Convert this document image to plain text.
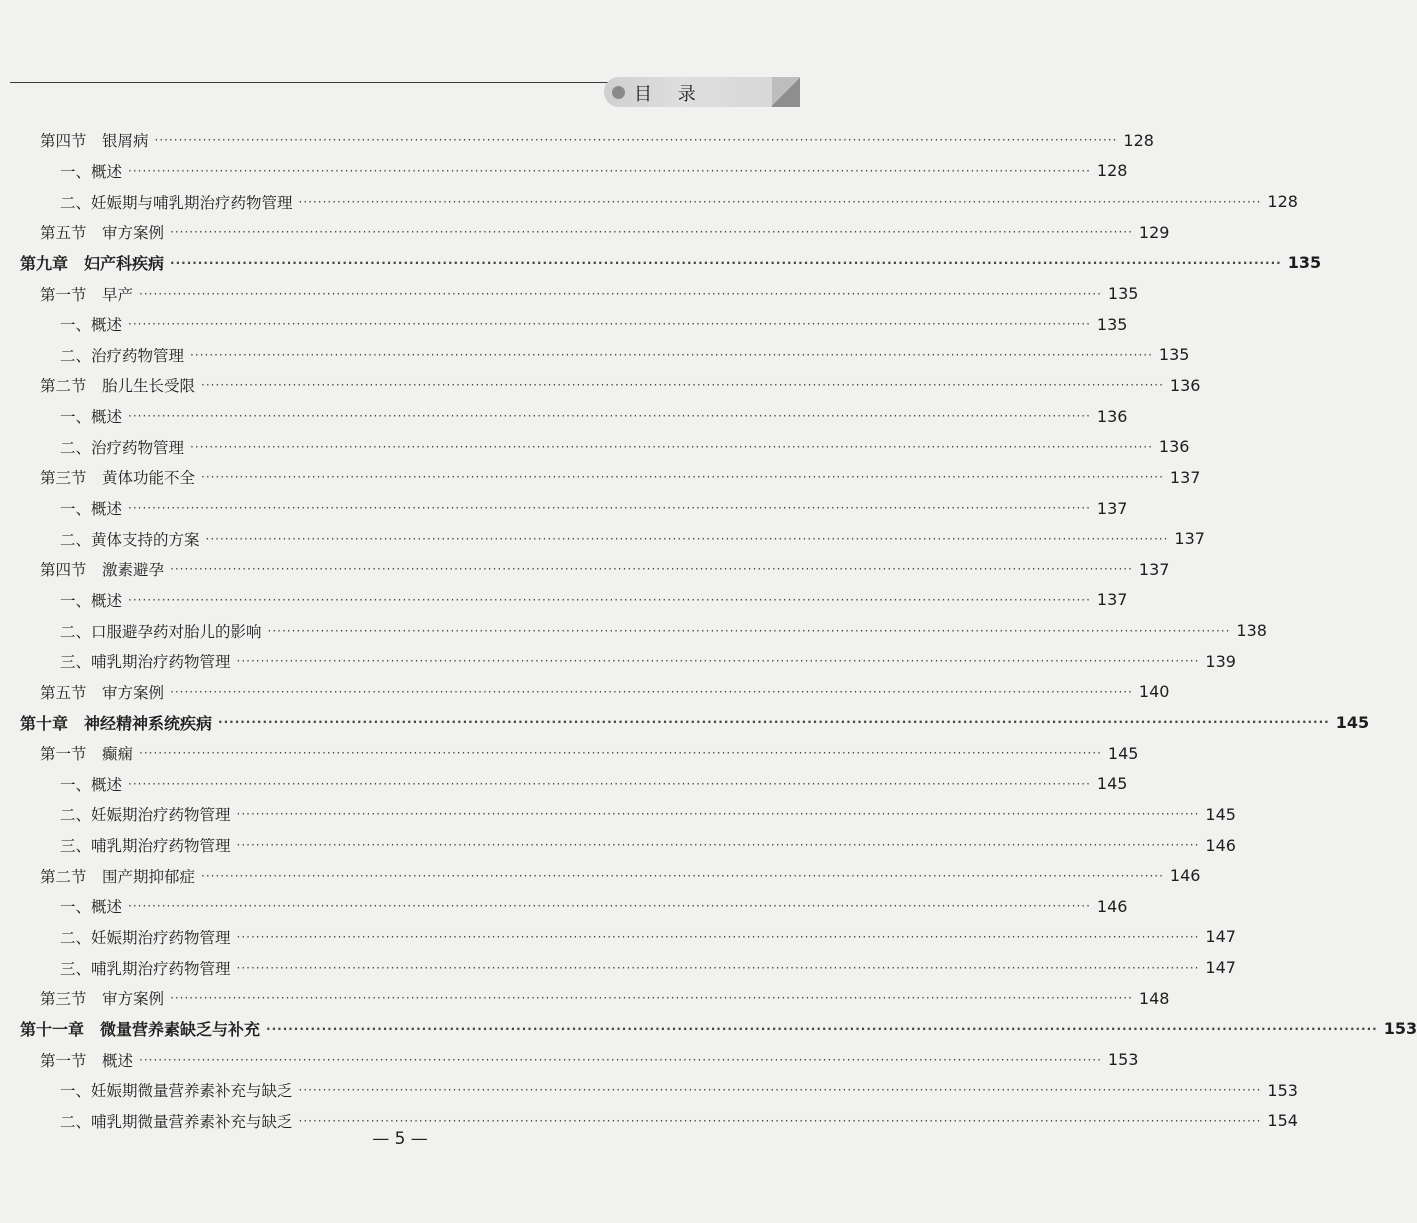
目 录
第四节　银屑病 ········································································································································································································ 128
一、概述 ········································································································································································································ 128
二、妊娠期与哺乳期治疗药物管理 ········································································································································································································ 128
第五节　审方案例 ········································································································································································································ 129
第九章　妇产科疾病 ········································································································································································································ 135
第一节　早产 ········································································································································································································ 135
一、概述 ········································································································································································································ 135
二、治疗药物管理 ········································································································································································································ 135
第二节　胎儿生长受限 ········································································································································································································ 136
一、概述 ········································································································································································································ 136
二、治疗药物管理 ········································································································································································································ 136
第三节　黄体功能不全 ········································································································································································································ 137
一、概述 ········································································································································································································ 137
二、黄体支持的方案 ········································································································································································································ 137
第四节　激素避孕 ········································································································································································································ 137
一、概述 ········································································································································································································ 137
二、口服避孕药对胎儿的影响 ········································································································································································································ 138
三、哺乳期治疗药物管理 ········································································································································································································ 139
第五节　审方案例 ········································································································································································································ 140
第十章　神经精神系统疾病 ········································································································································································································ 145
第一节　癫痫 ········································································································································································································ 145
一、概述 ········································································································································································································ 145
二、妊娠期治疗药物管理 ········································································································································································································ 145
三、哺乳期治疗药物管理 ········································································································································································································ 146
第二节　围产期抑郁症 ········································································································································································································ 146
一、概述 ········································································································································································································ 146
二、妊娠期治疗药物管理 ········································································································································································································ 147
三、哺乳期治疗药物管理 ········································································································································································································ 147
第三节　审方案例 ········································································································································································································ 148
第十一章　微量营养素缺乏与补充 ········································································································································································································ 153
第一节　概述 ········································································································································································································ 153
一、妊娠期微量营养素补充与缺乏 ········································································································································································································ 153
二、哺乳期微量营养素补充与缺乏 ········································································································································································································ 154
— 5 —
